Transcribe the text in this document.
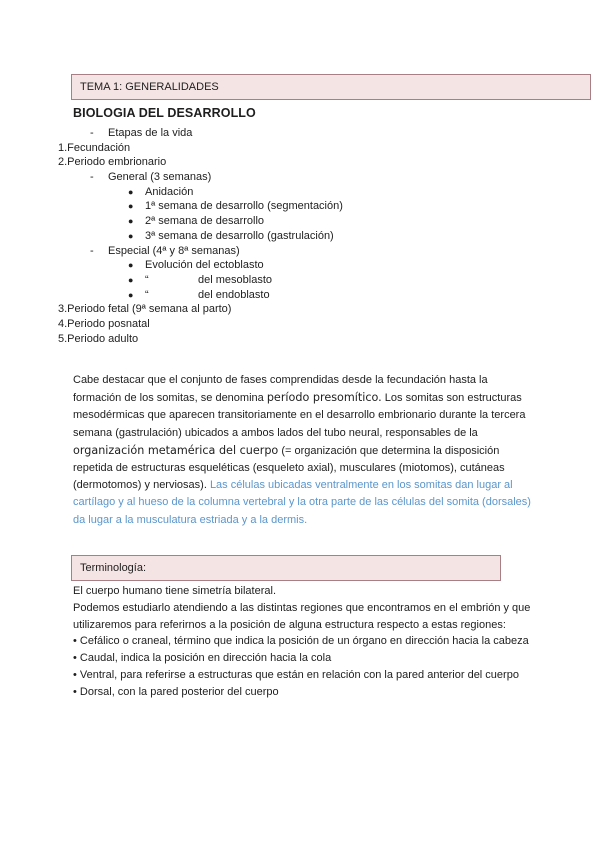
TEMA 1: GENERALIDADES
BIOLOGIA DEL DESARROLLO
- Etapas de la vida
1.Fecundación
2.Periodo embrionario
- General (3 semanas)
● Anidación
● 1ª semana de desarrollo (segmentación)
● 2ª semana de desarrollo
● 3ª semana de desarrollo (gastrulación)
- Especial (4ª y 8ª semanas)
● Evolución del ectoblasto
● “	del mesoblasto
● “	del endoblasto
3.Periodo fetal (9ª semana al parto)
4.Periodo posnatal
5.Periodo adulto
Cabe destacar que el conjunto de fases comprendidas desde la fecundación hasta la formación de los somitas, se denomina período presomítico. Los somitas son estructuras mesodérmicas que aparecen transitoriamente en el desarrollo embrionario durante la tercera semana (gastrulación) ubicados a ambos lados del tubo neural, responsables de la organización metamérica del cuerpo (= organización que determina la disposición repetida de estructuras esqueléticas (esqueleto axial), musculares (miotomos), cutáneas (dermotomos) y nerviosas). Las células ubicadas ventralmente en los somitas dan lugar al cartílago y al hueso de la columna vertebral y la otra parte de las células del somita (dorsales) da lugar a la musculatura estriada y a la dermis.
Terminología:
El cuerpo humano tiene simetría bilateral.
Podemos estudiarlo atendiendo a las distintas regiones que encontramos en el embrión y que utilizaremos para referirnos a la posición de alguna estructura respecto a estas regiones:
• Cefálico o craneal, término que indica la posición de un órgano en dirección hacia la cabeza
• Caudal, indica la posición en dirección hacia la cola
• Ventral, para referirse a estructuras que están en relación con la pared anterior del cuerpo
• Dorsal, con la pared posterior del cuerpo
